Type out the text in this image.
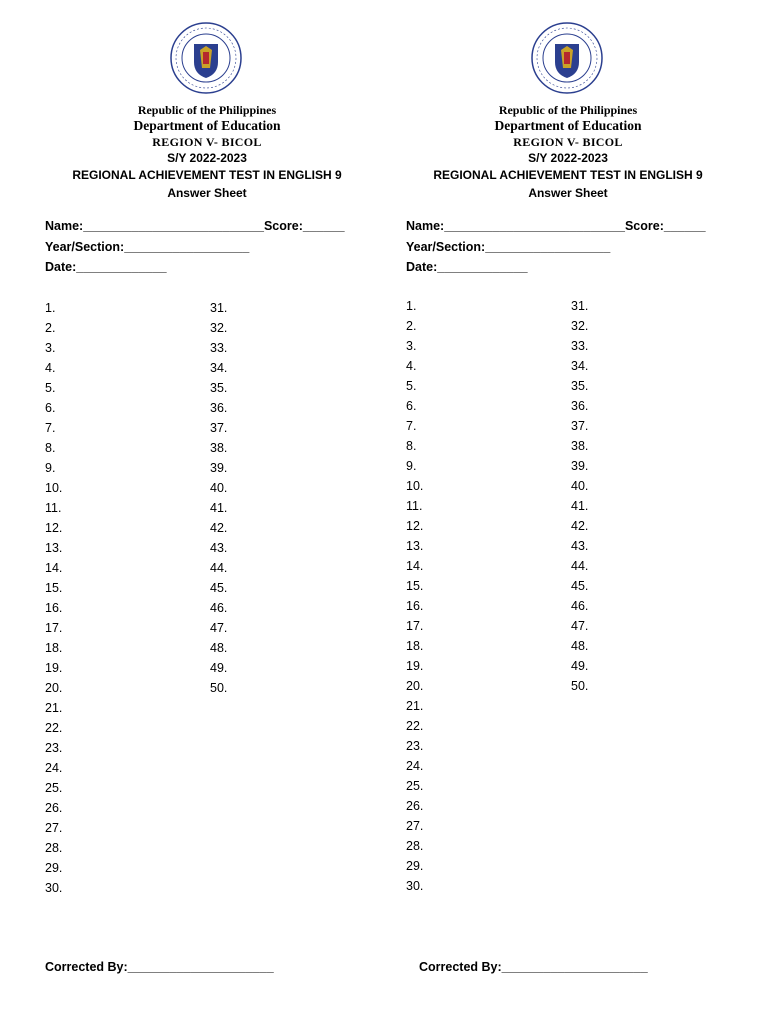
Republic of the Philippines
Department of Education
REGION V- BICOL
S/Y 2022-2023
REGIONAL ACHIEVEMENT TEST IN ENGLISH 9
Answer Sheet
Name:__________________________Score:______
Year/Section:__________________
Date:_____________
1.
2.
3.
4.
5.
6.
7.
8.
9.
10.
11.
12.
13.
14.
15.
16.
17.
18.
19.
20.
21.
22.
23.
24.
25.
26.
27.
28.
29.
30.
31.
32.
33.
34.
35.
36.
37.
38.
39.
40.
41.
42.
43.
44.
45.
46.
47.
48.
49.
50.
Corrected By:_____________________
Republic of the Philippines
Department of Education
REGION V- BICOL
S/Y 2022-2023
REGIONAL ACHIEVEMENT TEST IN ENGLISH 9
Answer Sheet
Name:__________________________Score:______
Year/Section:__________________
Date:_____________
1.
2.
3.
4.
5.
6.
7.
8.
9.
10.
11.
12.
13.
14.
15.
16.
17.
18.
19.
20.
21.
22.
23.
24.
25.
26.
27.
28.
29.
30.
31.
32.
33.
34.
35.
36.
37.
38.
39.
40.
41.
42.
43.
44.
45.
46.
47.
48.
49.
50.
Corrected By:_____________________
